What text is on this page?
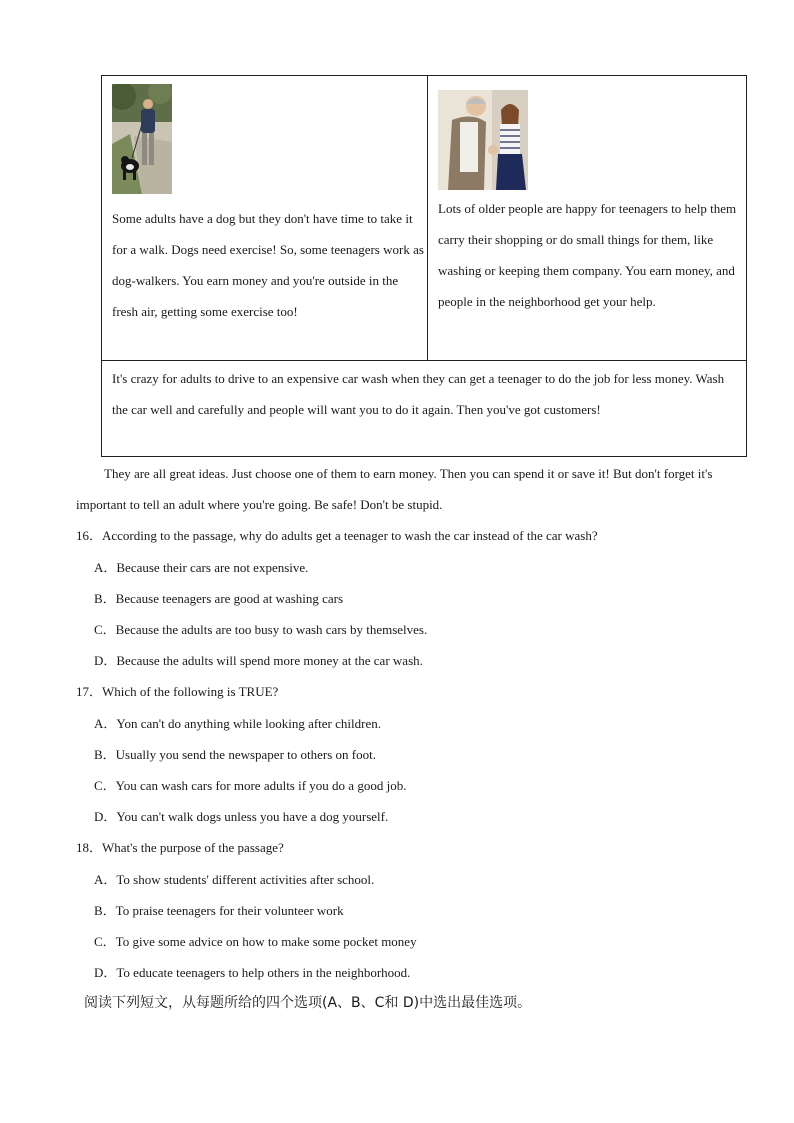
Some adults have a dog but they don't have time to take it for a walk. Dogs need exercise! So, some teenagers work as dog-walkers. You earn money and you're outside in the fresh air, getting some exercise too!
Lots of older people are happy for teenagers to help them carry their shopping or do small things for them, like washing or keeping them company. You earn money, and people in the neighborhood get your help.
It's crazy for adults to drive to an expensive car wash when they can get a teenager to do the job for less money. Wash the car well and carefully and people will want you to do it again. Then you've got customers!
They are all great ideas. Just choose one of them to earn money. Then you can spend it or save it! But don't forget it's important to tell an adult where you're going. Be safe! Don't be stupid.
16．According to the passage, why do adults get a teenager to wash the car instead of the car wash?
A．Because their cars are not expensive.
B．Because teenagers are good at washing cars
C．Because the adults are too busy to wash cars by themselves.
D．Because the adults will spend more money at the car wash.
17．Which of the following is TRUE?
A．Yon can't do anything while looking after children.
B．Usually you send the newspaper to others on foot.
C．You can wash cars for more adults if you do a good job.
D．You can't walk dogs unless you have a dog yourself.
18．What's the purpose of the passage?
A．To show students' different activities after school.
B．To praise teenagers for their volunteer work
C．To give some advice on how to make some pocket money
D．To educate teenagers to help others in the neighborhood.
阅读下列短文，从每题所给的四个选项(A、B、C和 D)中选出最佳选项。
